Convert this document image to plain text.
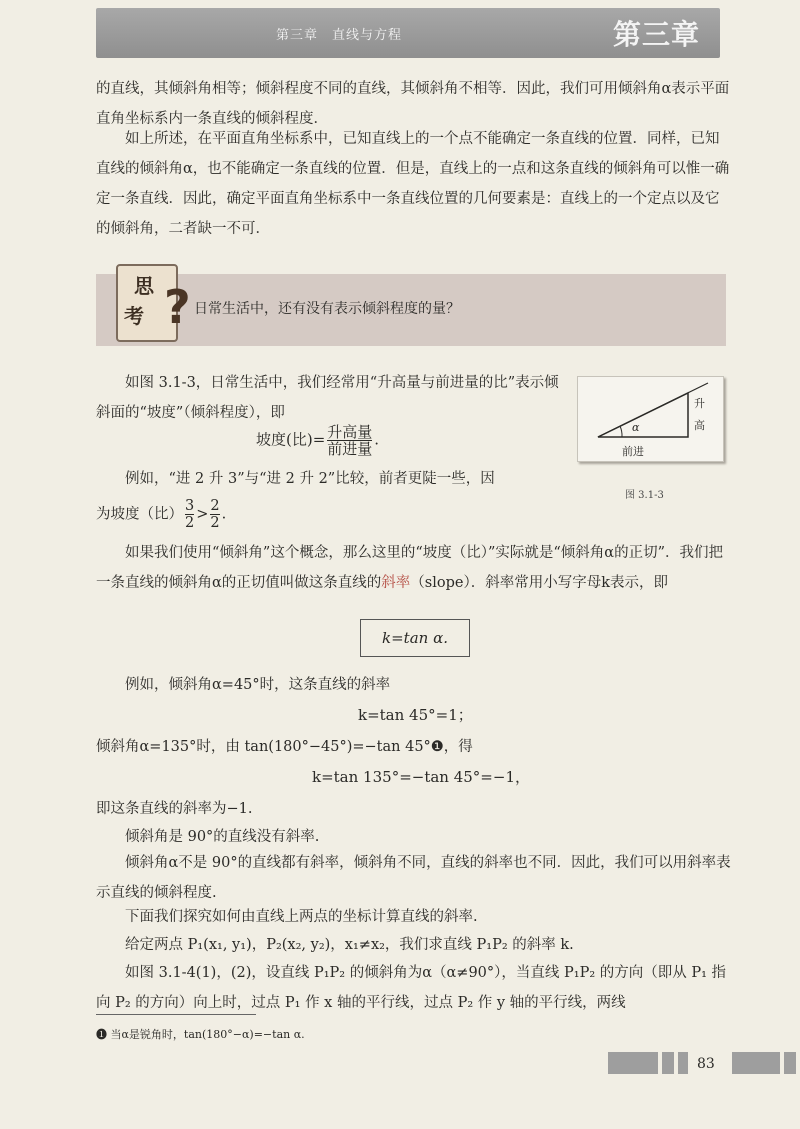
第三章　直线与方程	第三章

的直线，其倾斜角相等；倾斜程度不同的直线，其倾斜角不相等．因此，我们可用倾斜角α表示平面直角坐标系内一条直线的倾斜程度．

如上所述，在平面直角坐标系中，已知直线上的一个点不能确定一条直线的位置．同样，已知直线的倾斜角α，也不能确定一条直线的位置．但是，直线上的一点和这条直线的倾斜角可以惟一确定一条直线．因此，确定平面直角坐标系中一条直线位置的几何要素是：直线上的一个定点以及它的倾斜角，二者缺一不可．

思
考 ? 日常生活中，还有没有表示倾斜程度的量？

如图 3.1-3，日常生活中，我们经常用“升高量与前进量的比”表示倾斜面的“坡度”（倾斜程度），即

坡度(比)= $\frac{\text{升高量}}{\text{前进量}}$ .

例如，“进 2 升 3”与“进 2 升 2”比较，前者更陡一些，因

为坡度（比） $\frac{3}{2} > \frac{2}{2}$ .
升
高
α
前进
图 3.1-3

如果我们使用“倾斜角”这个概念，那么这里的“坡度（比）”实际就是“倾斜角α的正切”．我们把一条直线的倾斜角α的正切值叫做这条直线的斜率（slope）．斜率常用小写字母k表示，即

k=tan α.

例如，倾斜角α=45°时，这条直线的斜率

k=tan 45°=1；

倾斜角α=135°时，由 tan(180°−45°)=−tan 45°❶，得

k=tan 135°=−tan 45°=−1，

即这条直线的斜率为−1.

倾斜角是 90°的直线没有斜率.

倾斜角α不是 90°的直线都有斜率，倾斜角不同，直线的斜率也不同．因此，我们可以用斜率表示直线的倾斜程度.

下面我们探究如何由直线上两点的坐标计算直线的斜率.

给定两点 P₁(x₁, y₁)，P₂(x₂, y₂)，x₁≠x₂，我们求直线 P₁P₂ 的斜率 k.

如图 3.1-4(1)，(2)，设直线 P₁P₂ 的倾斜角为α（α≠90°），当直线 P₁P₂ 的方向（即从 P₁ 指向 P₂ 的方向）向上时，过点 P₁ 作 x 轴的平行线，过点 P₂ 作 y 轴的平行线，两线

❶ 当α是锐角时，tan(180°−α)=−tan α.
83
